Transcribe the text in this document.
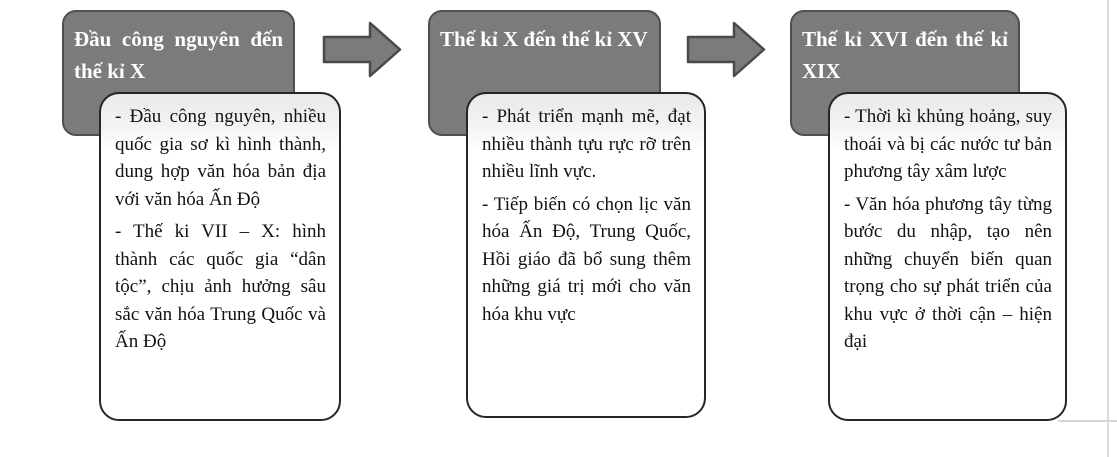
Đầu công nguyên đến thế kỉ X

- Đầu công nguyên, nhiều quốc gia sơ kì hình thành, dung hợp văn hóa bản địa với văn hóa Ấn Độ

- Thế ki VII – X: hình thành các quốc gia “dân tộc”, chịu ảnh hưởng sâu sắc văn hóa Trung Quốc và Ấn Độ

Thế kỉ X đến thế kỉ XV

- Phát triển mạnh mẽ, đạt nhiều thành tựu rực rỡ trên nhiều lĩnh vực.

- Tiếp biến có chọn lịc văn hóa Ấn Độ, Trung Quốc, Hồi giáo đã bổ sung thêm những giá trị mới cho văn hóa khu vực

Thế kỉ XVI đến thế kỉ XIX

- Thời kì khủng hoảng, suy thoái và bị các nước tư bản phương tây xâm lược

- Văn hóa phương tây từng bước du nhập, tạo nên những chuyển biến quan trọng cho sự phát triển của khu vực ở thời cận – hiện đại
